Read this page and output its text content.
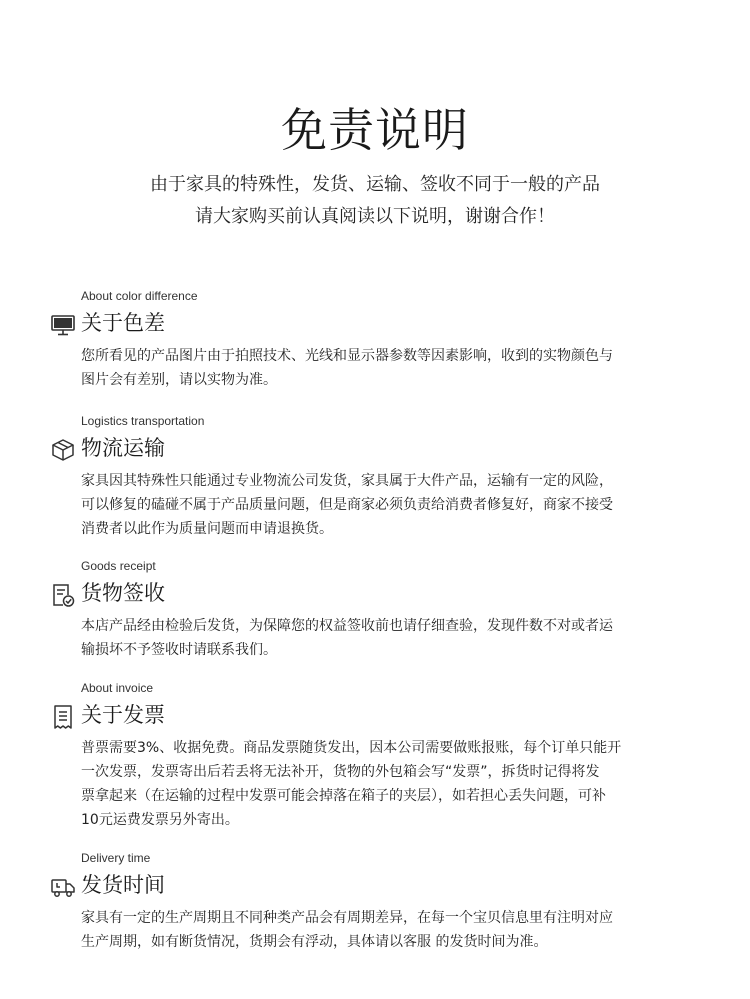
免责说明
由于家具的特殊性，发货、运输、签收不同于一般的产品
请大家购买前认真阅读以下说明，谢谢合作！
About color difference
关于色差
您所看见的产品图片由于拍照技术、光线和显示器参数等因素影响，收到的实物颜色与
图片会有差别，请以实物为准。
Logistics transportation
物流运输
家具因其特殊性只能通过专业物流公司发货，家具属于大件产品，运输有一定的风险，
可以修复的磕碰不属于产品质量问题，但是商家必须负责给消费者修复好，商家不接受
消费者以此作为质量问题而申请退换货。
Goods receipt
货物签收
本店产品经由检验后发货，为保障您的权益签收前也请仔细查验，发现件数不对或者运
输损坏不予签收时请联系我们。
About invoice
关于发票
普票需要3%、收据免费。商品发票随货发出，因本公司需要做账报账，每个订单只能开
一次发票，发票寄出后若丢将无法补开，货物的外包箱会写“发票”，拆货时记得将发
票拿起来（在运输的过程中发票可能会掉落在箱子的夹层），如若担心丢失问题，可补
10元运费发票另外寄出。
Delivery time
发货时间
家具有一定的生产周期且不同种类产品会有周期差异，在每一个宝贝信息里有注明对应
生产周期，如有断货情况，货期会有浮动，具体请以客服 的发货时间为准。
